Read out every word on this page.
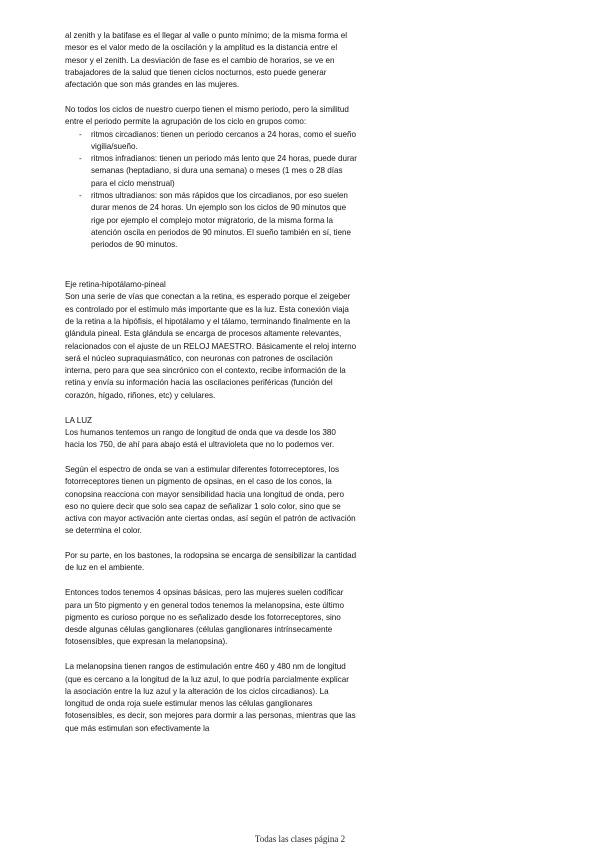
al zenith y la batifase es el llegar al valle o punto mínimo; de la misma forma el mesor es el valor medo de la oscilación y la amplitud es la distancia entre el mesor y el zenith. La desviación de fase es el cambio de horarios, se ve en trabajadores de la salud que tienen ciclos nocturnos, esto puede generar afectación que son más grandes en las mujeres.

No todos los ciclos de nuestro cuerpo tienen el mismo periodo, pero la similitud entre el periodo permite la agrupación de los ciclo en grupos como:

- ritmos circadianos: tienen un periodo cercanos a 24 horas, como el sueño vigilia/sueño.
- ritmos infradianos: tienen un periodo más lento que 24 horas, puede durar semanas (heptadiano, si dura una semana) o meses (1 mes o 28 días para el ciclo menstrual)
- ritmos ultradianos: son más rápidos que los circadianos, por eso suelen durar menos de 24 horas. Un ejemplo son los ciclos de 90 minutos que rige por ejemplo el complejo motor migratorio, de la misma forma la atención oscila en periodos de 90 minutos. El sueño también en sí, tiene periodos de 90 minutos.

Eje retina-hipotálamo-pineal

Son una serie de vías que conectan a la retina, es esperado porque el zeigeber es controlado por el estímulo más importante que es la luz. Esta conexión viaja de la retina a la hipófisis, el hipotálamo y el tálamo, terminando finalmente en la glándula pineal. Esta glándula se encarga de procesos altamente relevantes, relacionados con el ajuste de un RELOJ MAESTRO. Básicamente el reloj interno será el núcleo supraquiasmático, con neuronas con patrones de oscilación interna, pero para que sea sincrónico con el contexto, recibe información de la retina y envía su información hacia las oscilaciones periféricas (función del corazón, hígado, riñones, etc) y celulares.

LA LUZ

Los humanos tentemos un rango de longitud de onda que va desde los 380 hacia los 750, de ahí para abajo está el ultravioleta que no lo podemos ver.

Según el espectro de onda se van a estimular diferentes fotorreceptores, los fotorreceptores tienen un pigmento de opsinas, en el caso de los conos, la conopsina reacciona con mayor sensibilidad hacia una longitud de onda, pero eso no quiere decir que solo sea capaz de señalizar 1 solo color, sino que se activa con mayor activación ante ciertas ondas, así según el patrón de activación se determina el color.

Por su parte, en los bastones, la rodopsina se encarga de sensibilizar la cantidad de luz en el ambiente.

Entonces todos tenemos 4 opsinas básicas, pero las mujeres suelen codificar para un 5to pigmento y en general todos tenemos la melanopsina, este último pigmento es curioso porque no es señalizado desde los fotorreceptores, sino desde algunas células ganglionares (células ganglionares intrínsecamente fotosensibles, que expresan la melanopsina).

La melanopsina tienen rangos de estimulación entre 460 y 480 nm de longitud (que es cercano a la longitud de la luz azul, lo que podría parcialmente explicar la asociación entre la luz azul y la alteración de los ciclos circadianos). La longitud de onda roja suele estimular menos las células ganglionares fotosensibles, es decir, son mejores para dormir a las personas, mientras que las que más estimulan son efectivamente la

Todas las clases página 2
